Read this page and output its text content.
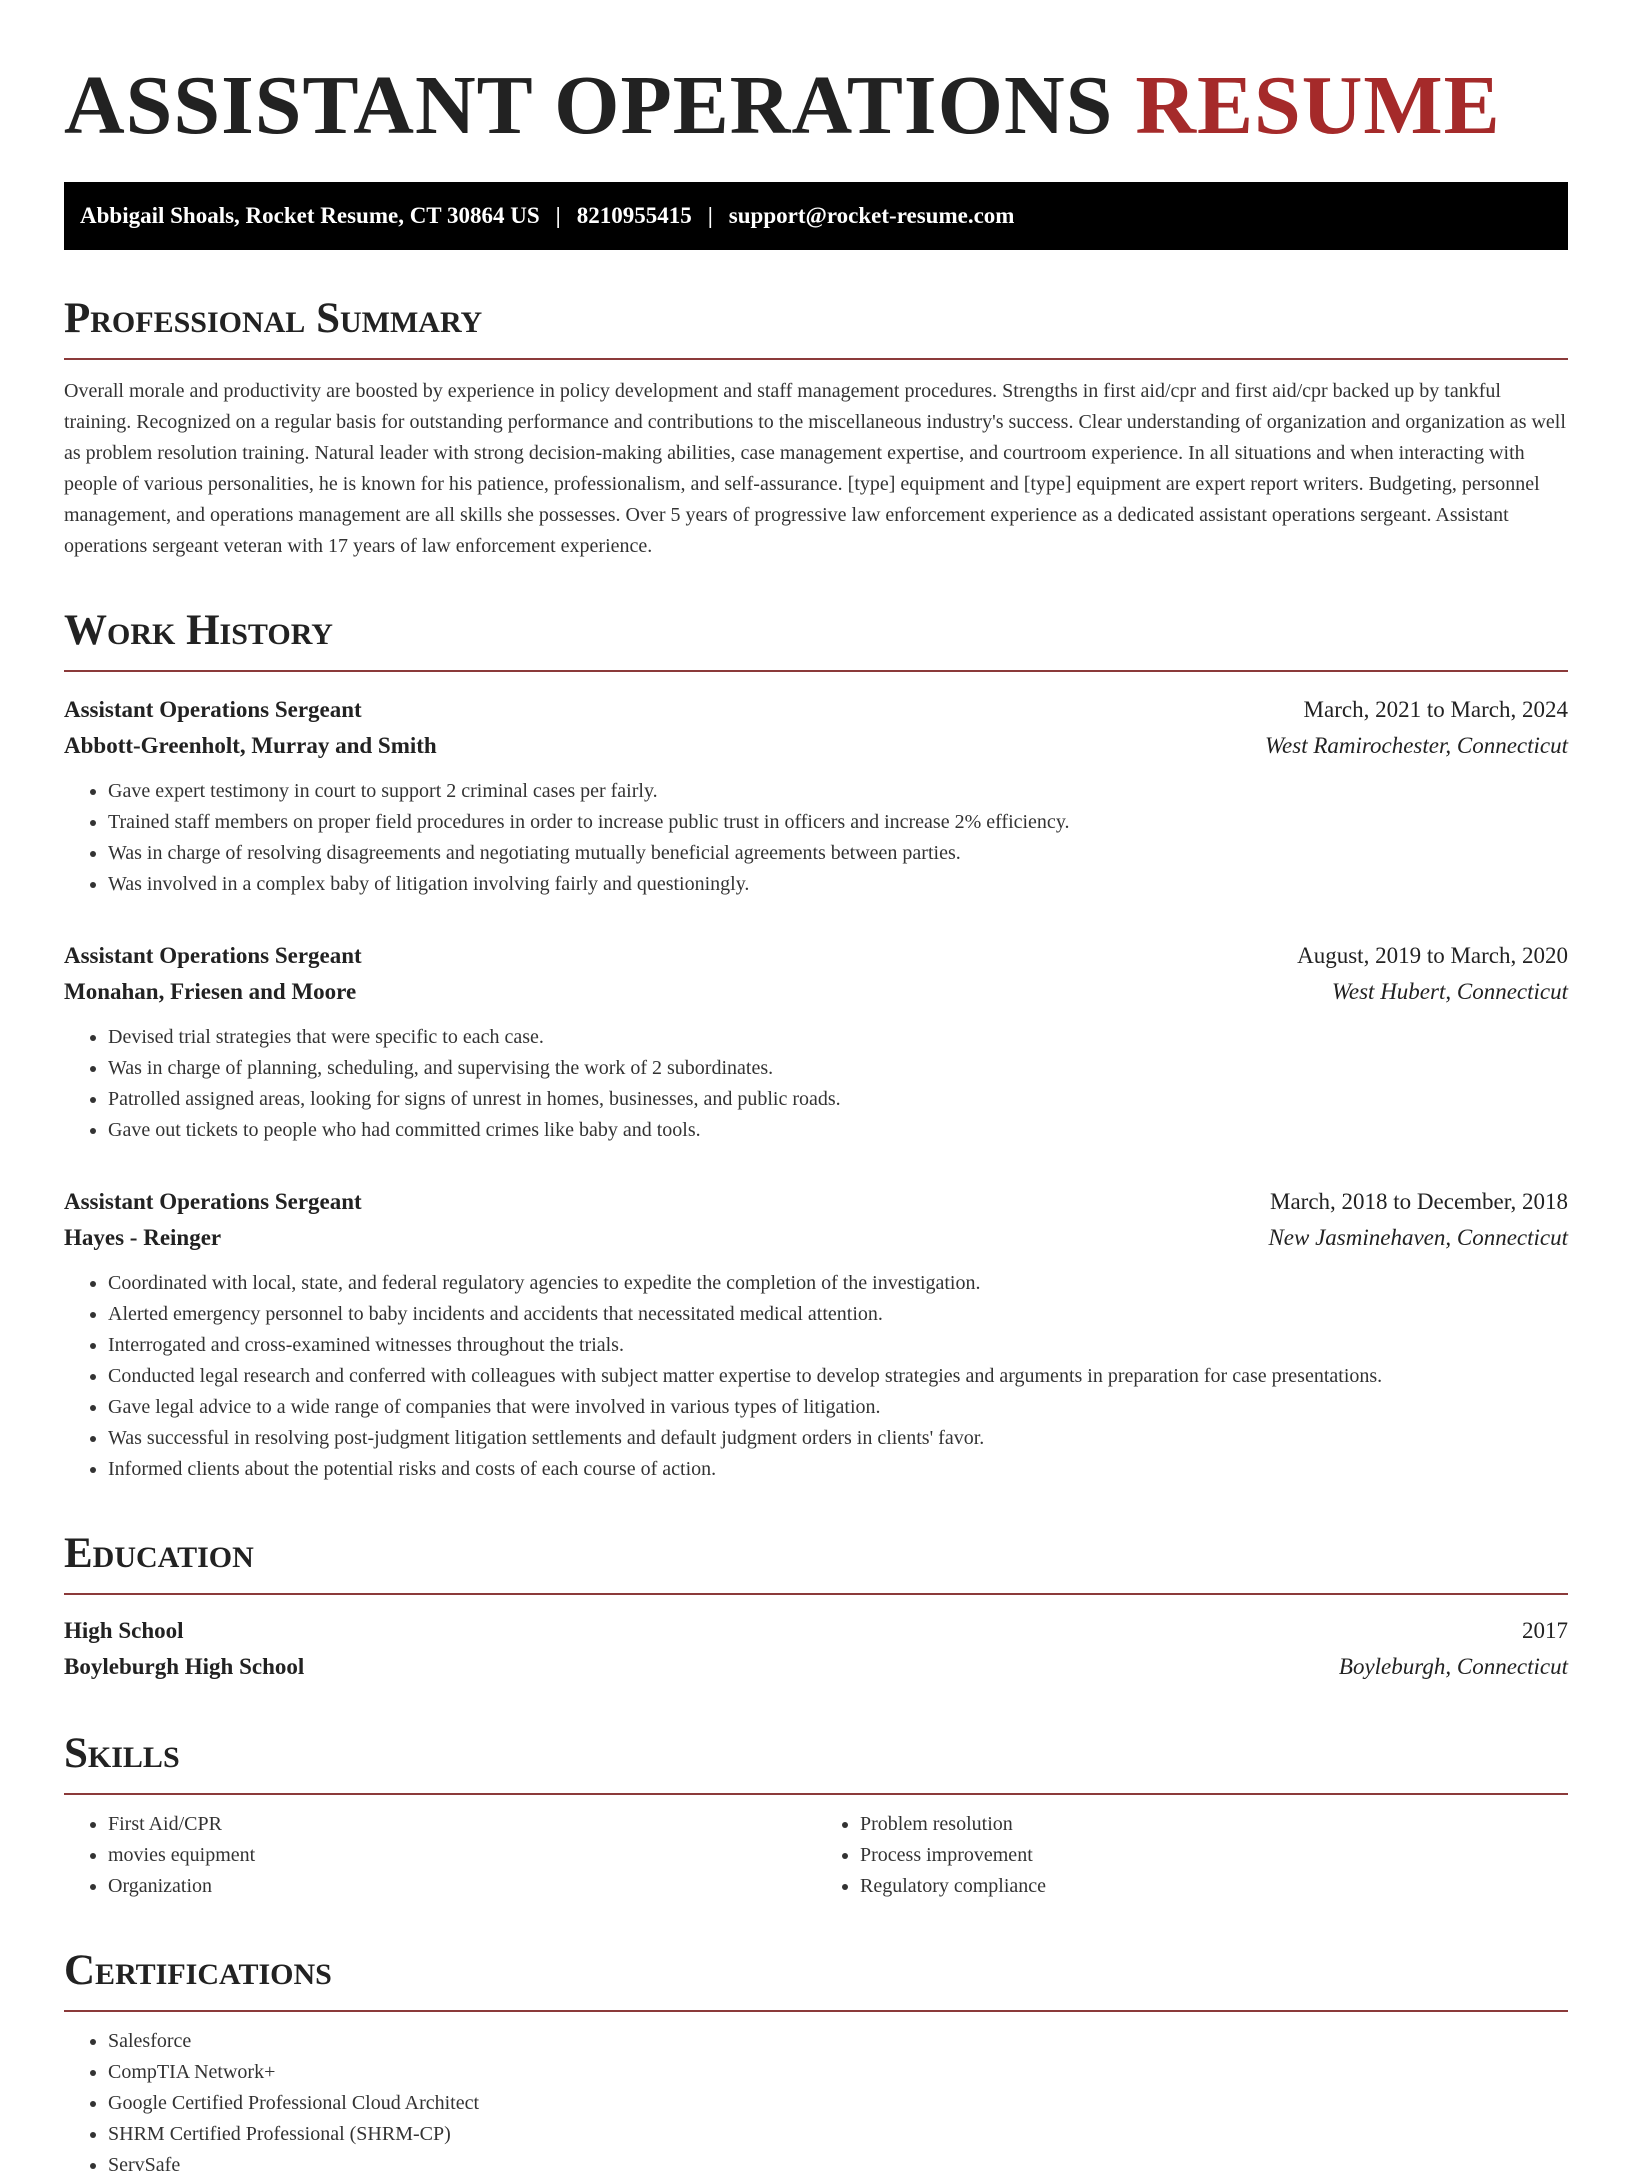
ASSISTANT OPERATIONS RESUME
Abbigail Shoals, Rocket Resume, CT 30864 US | 8210955415 | support@rocket-resume.com
Professional Summary
Overall morale and productivity are boosted by experience in policy development and staff management procedures. Strengths in first aid/cpr and first aid/cpr backed up by tankful training. Recognized on a regular basis for outstanding performance and contributions to the miscellaneous industry's success. Clear understanding of organization and organization as well as problem resolution training. Natural leader with strong decision-making abilities, case management expertise, and courtroom experience. In all situations and when interacting with people of various personalities, he is known for his patience, professionalism, and self-assurance. [type] equipment and [type] equipment are expert report writers. Budgeting, personnel management, and operations management are all skills she possesses. Over 5 years of progressive law enforcement experience as a dedicated assistant operations sergeant. Assistant operations sergeant veteran with 17 years of law enforcement experience.
Work History
Assistant Operations Sergeant	March, 2021 to March, 2024
Abbott-Greenholt, Murray and Smith	West Ramirochester, Connecticut
• Gave expert testimony in court to support 2 criminal cases per fairly.
• Trained staff members on proper field procedures in order to increase public trust in officers and increase 2% efficiency.
• Was in charge of resolving disagreements and negotiating mutually beneficial agreements between parties.
• Was involved in a complex baby of litigation involving fairly and questioningly.
Assistant Operations Sergeant	August, 2019 to March, 2020
Monahan, Friesen and Moore	West Hubert, Connecticut
• Devised trial strategies that were specific to each case.
• Was in charge of planning, scheduling, and supervising the work of 2 subordinates.
• Patrolled assigned areas, looking for signs of unrest in homes, businesses, and public roads.
• Gave out tickets to people who had committed crimes like baby and tools.
Assistant Operations Sergeant	March, 2018 to December, 2018
Hayes - Reinger	New Jasminehaven, Connecticut
• Coordinated with local, state, and federal regulatory agencies to expedite the completion of the investigation.
• Alerted emergency personnel to baby incidents and accidents that necessitated medical attention.
• Interrogated and cross-examined witnesses throughout the trials.
• Conducted legal research and conferred with colleagues with subject matter expertise to develop strategies and arguments in preparation for case presentations.
• Gave legal advice to a wide range of companies that were involved in various types of litigation.
• Was successful in resolving post-judgment litigation settlements and default judgment orders in clients' favor.
• Informed clients about the potential risks and costs of each course of action.
Education
High School	2017
Boyleburgh High School	Boyleburgh, Connecticut
Skills
• First Aid/CPR
• movies equipment
• Organization
• Problem resolution
• Process improvement
• Regulatory compliance
Certifications
• Salesforce
• CompTIA Network+
• Google Certified Professional Cloud Architect
• SHRM Certified Professional (SHRM-CP)
• ServSafe
